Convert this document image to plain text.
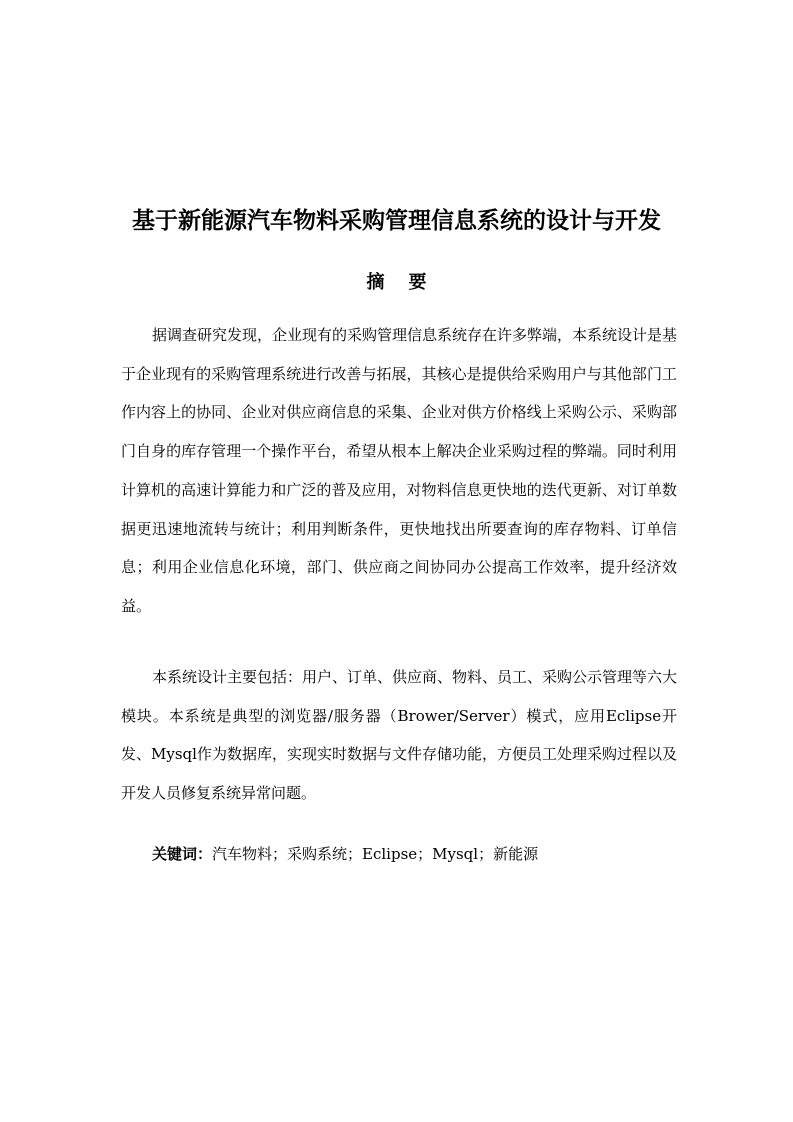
基于新能源汽车物料采购管理信息系统的设计与开发
摘 要

据调查研究发现，企业现有的采购管理信息系统存在许多弊端，本系统设计是基于企业现有的采购管理系统进行改善与拓展，其核心是提供给采购用户与其他部门工作内容上的协同、企业对供应商信息的采集、企业对供方价格线上采购公示、采购部门自身的库存管理一个操作平台，希望从根本上解决企业采购过程的弊端。同时利用计算机的高速计算能力和广泛的普及应用，对物料信息更快地的迭代更新、对订单数据更迅速地流转与统计；利用判断条件，更快地找出所要查询的库存物料、订单信息；利用企业信息化环境，部门、供应商之间协同办公提高工作效率，提升经济效益。

本系统设计主要包括：用户、订单、供应商、物料、员工、采购公示管理等六大模块。本系统是典型的浏览器/服务器（Brower/Server）模式，应用Eclipse开发、Mysql作为数据库，实现实时数据与文件存储功能，方便员工处理采购过程以及开发人员修复系统异常问题。

关键词：汽车物料；采购系统；Eclipse；Mysql；新能源
